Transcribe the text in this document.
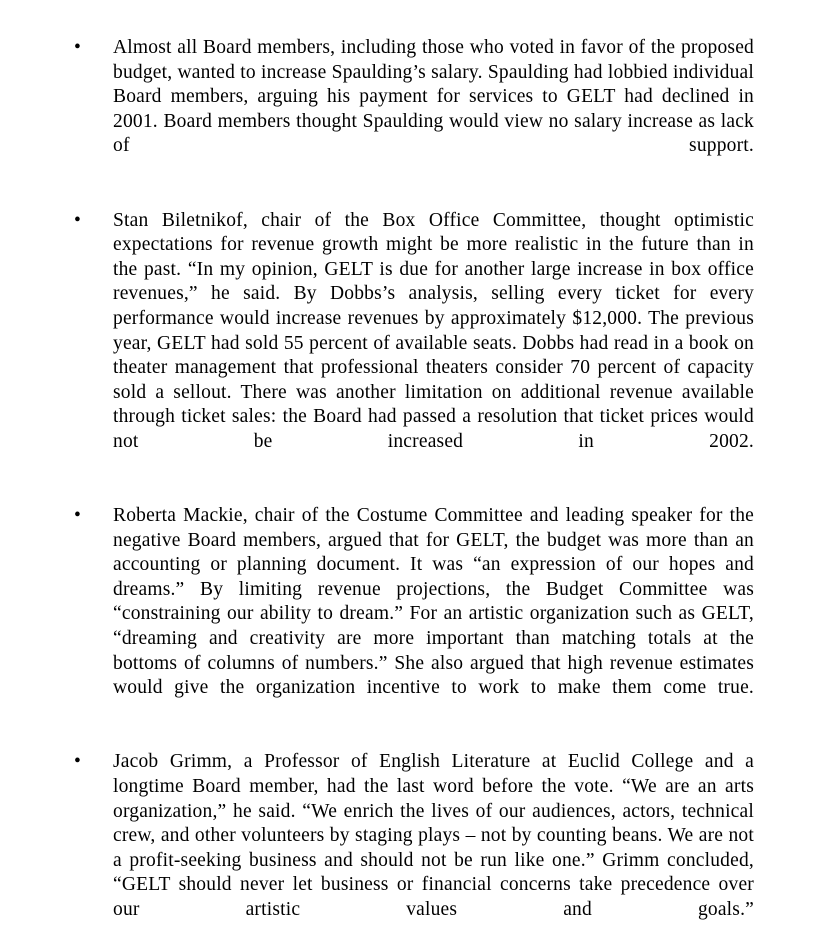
•	Almost all Board members, including those who voted in favor of the proposed budget, wanted to increase Spaulding’s salary. Spaulding had lobbied individual Board members, arguing his payment for services to GELT had declined in 2001. Board members thought Spaulding would view no salary increase as lack of support.
•	Stan Biletnikof, chair of the Box Office Committee, thought optimistic expectations for revenue growth might be more realistic in the future than in the past. “In my opinion, GELT is due for another large increase in box office revenues,” he said. By Dobbs’s analysis, selling every ticket for every performance would increase revenues by approximately $12,000. The previous year, GELT had sold 55 percent of available seats. Dobbs had read in a book on theater management that professional theaters consider 70 percent of capacity sold a sellout. There was another limitation on additional revenue available through ticket sales: the Board had passed a resolution that ticket prices would not be increased in 2002.
•	Roberta Mackie, chair of the Costume Committee and leading speaker for the negative Board members, argued that for GELT, the budget was more than an accounting or planning document. It was “an expression of our hopes and dreams.” By limiting revenue projections, the Budget Committee was “constraining our ability to dream.” For an artistic organization such as GELT, “dreaming and creativity are more important than matching totals at the bottoms of columns of numbers.” She also argued that high revenue estimates would give the organization incentive to work to make them come true.
•	Jacob Grimm, a Professor of English Literature at Euclid College and a longtime Board member, had the last word before the vote. “We are an arts organization,” he said. “We enrich the lives of our audiences, actors, technical crew, and other volunteers by staging plays – not by counting beans. We are not a profit-seeking business and should not be run like one.” Grimm concluded, “GELT should never let business or financial concerns take precedence over our artistic values and goals.”
